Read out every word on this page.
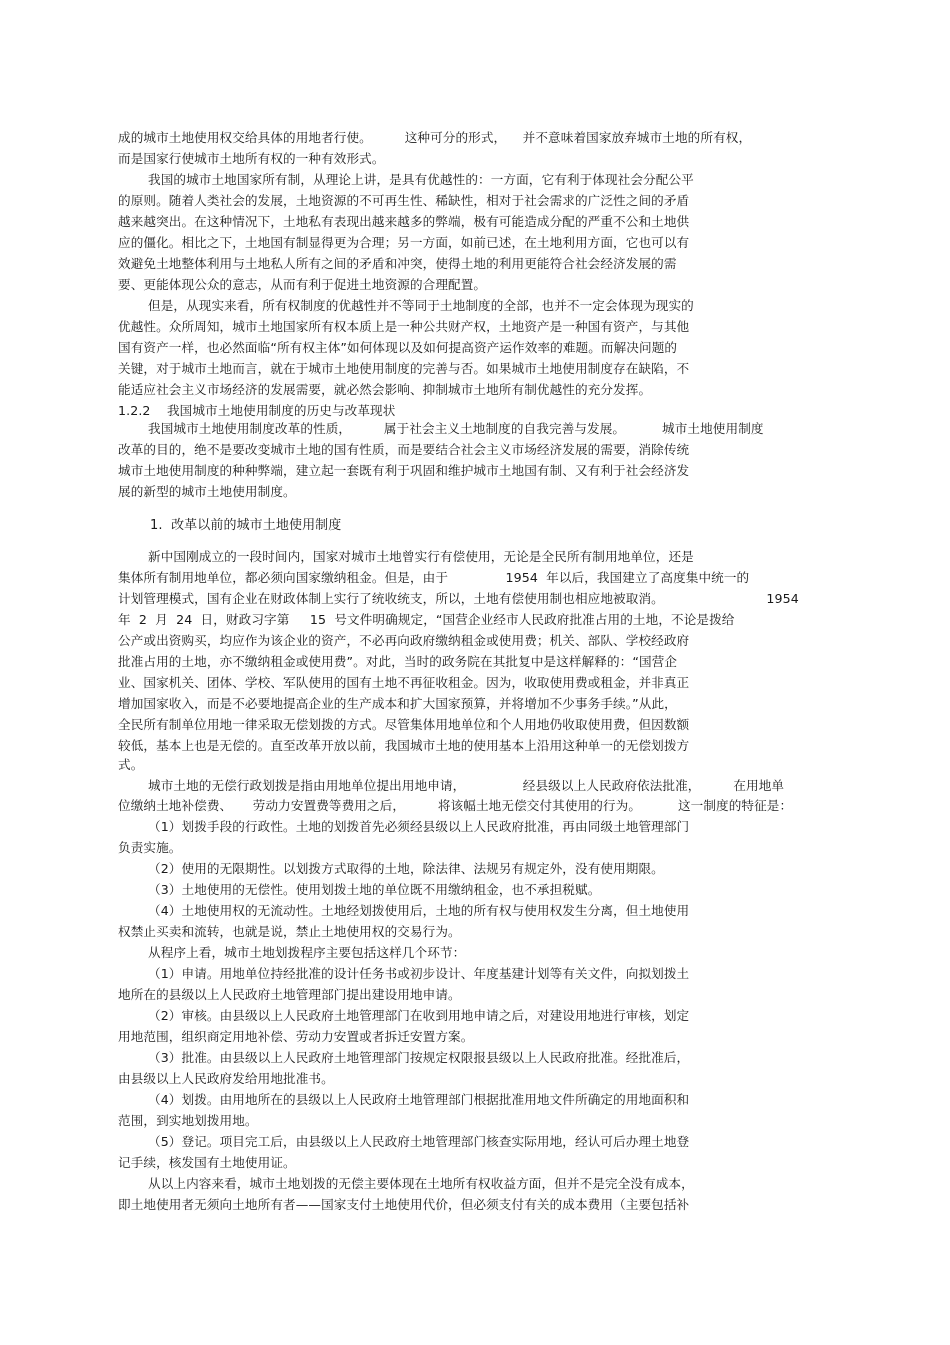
成的城市土地使用权交给具体的用地者行使。        这种可分的形式，    并不意味着国家放弃城市土地的所有权，
而是国家行使城市土地所有权的一种有效形式。
我国的城市土地国家所有制，从理论上讲，是具有优越性的：一方面，它有利于体现社会分配公平
的原则。随着人类社会的发展，土地资源的不可再生性、稀缺性，相对于社会需求的广泛性之间的矛盾
越来越突出。在这种情况下，土地私有表现出越来越多的弊端，极有可能造成分配的严重不公和土地供
应的僵化。相比之下，土地国有制显得更为合理；另一方面，如前已述，在土地利用方面，它也可以有
效避免土地整体利用与土地私人所有之间的矛盾和冲突，使得土地的利用更能符合社会经济发展的需
要、更能体现公众的意志，从而有利于促进土地资源的合理配置。
但是，从现实来看，所有权制度的优越性并不等同于土地制度的全部，也并不一定会体现为现实的
优越性。众所周知，城市土地国家所有权本质上是一种公共财产权，土地资产是一种国有资产，与其他
国有资产一样，也必然面临“所有权主体”如何体现以及如何提高资产运作效率的难题。而解决问题的
关键，对于城市土地而言，就在于城市土地使用制度的完善与否。如果城市土地使用制度存在缺陷，不
能适应社会主义市场经济的发展需要，就必然会影响、抑制城市土地所有制优越性的充分发挥。
1.2.2    我国城市土地使用制度的历史与改革现状
我国城市土地使用制度改革的性质，        属于社会主义土地制度的自我完善与发展。         城市土地使用制度
改革的目的，绝不是要改变城市土地的国有性质，而是要结合社会主义市场经济发展的需要，消除传统
城市土地使用制度的种种弊端，建立起一套既有利于巩固和维护城市土地国有制、又有利于社会经济发
展的新型的城市土地使用制度。
1.  改革以前的城市土地使用制度
新中国刚成立的一段时间内，国家对城市土地曾实行有偿使用，无论是全民所有制用地单位，还是
集体所有制用地单位，都必须向国家缴纳租金。但是，由于              1954  年以后，我国建立了高度集中统一的
计划管理模式，国有企业在财政体制上实行了统收统支，所以，土地有偿使用制也相应地被取消。                         1954
年  2  月  24  日，财政习字第     15  号文件明确规定，“国营企业经市人民政府批准占用的土地，不论是拨给
公产或出资购买，均应作为该企业的资产，不必再向政府缴纳租金或使用费；机关、部队、学校经政府
批准占用的土地，亦不缴纳租金或使用费”。对此，当时的政务院在其批复中是这样解释的：“国营企
业、国家机关、团体、学校、军队使用的国有土地不再征收租金。因为，收取使用费或租金，并非真正
增加国家收入，而是不必要地提高企业的生产成本和扩大国家预算，并将增加不少事务手续。”从此，
全民所有制单位用地一律采取无偿划拨的方式。尽管集体用地单位和个人用地仍收取使用费，但因数额
较低，基本上也是无偿的。直至改革开放以前，我国城市土地的使用基本上沿用这种单一的无偿划拨方
式。
城市土地的无偿行政划拨是指由用地单位提出用地申请，              经县级以上人民政府依法批准，        在用地单
位缴纳土地补偿费、     劳动力安置费等费用之后，        将该幅土地无偿交付其使用的行为。         这一制度的特征是：
（1）划拨手段的行政性。土地的划拨首先必须经县级以上人民政府批准，再由同级土地管理部门
负责实施。
（2）使用的无限期性。以划拨方式取得的土地，除法律、法规另有规定外，没有使用期限。
（3）土地使用的无偿性。使用划拨土地的单位既不用缴纳租金，也不承担税赋。
（4）土地使用权的无流动性。土地经划拨使用后，土地的所有权与使用权发生分离，但土地使用
权禁止买卖和流转，也就是说，禁止土地使用权的交易行为。
从程序上看，城市土地划拨程序主要包括这样几个环节：
（1）申请。用地单位持经批准的设计任务书或初步设计、年度基建计划等有关文件，向拟划拨土
地所在的县级以上人民政府土地管理部门提出建设用地申请。
（2）审核。由县级以上人民政府土地管理部门在收到用地申请之后，对建设用地进行审核，划定
用地范围，组织商定用地补偿、劳动力安置或者拆迁安置方案。
（3）批准。由县级以上人民政府土地管理部门按规定权限报县级以上人民政府批准。经批准后，
由县级以上人民政府发给用地批准书。
（4）划拨。由用地所在的县级以上人民政府土地管理部门根据批准用地文件所确定的用地面积和
范围，到实地划拨用地。
（5）登记。项目完工后，由县级以上人民政府土地管理部门核查实际用地，经认可后办理土地登
记手续，核发国有土地使用证。
从以上内容来看，城市土地划拨的无偿主要体现在土地所有权收益方面，但并不是完全没有成本，
即土地使用者无须向土地所有者——国家支付土地使用代价，但必须支付有关的成本费用（主要包括补
